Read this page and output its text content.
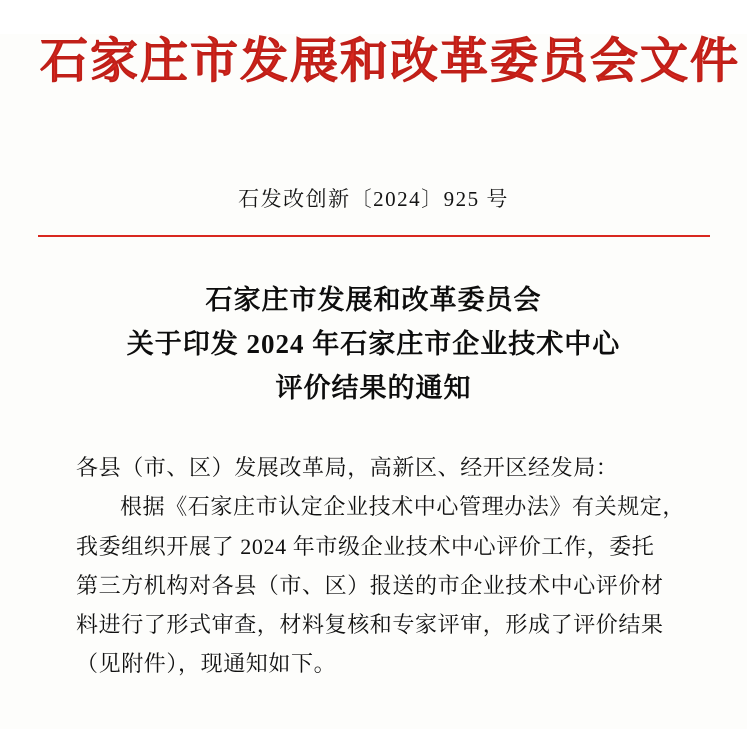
石家庄市发展和改革委员会文件
石发改创新〔2024〕925 号
石家庄市发展和改革委员会
关于印发 2024 年石家庄市企业技术中心
评价结果的通知
各县（市、区）发展改革局，高新区、经开区经发局：
根据《石家庄市认定企业技术中心管理办法》有关规定，
我委组织开展了 2024 年市级企业技术中心评价工作，委托
第三方机构对各县（市、区）报送的市企业技术中心评价材
料进行了形式审查，材料复核和专家评审，形成了评价结果
（见附件），现通知如下。
